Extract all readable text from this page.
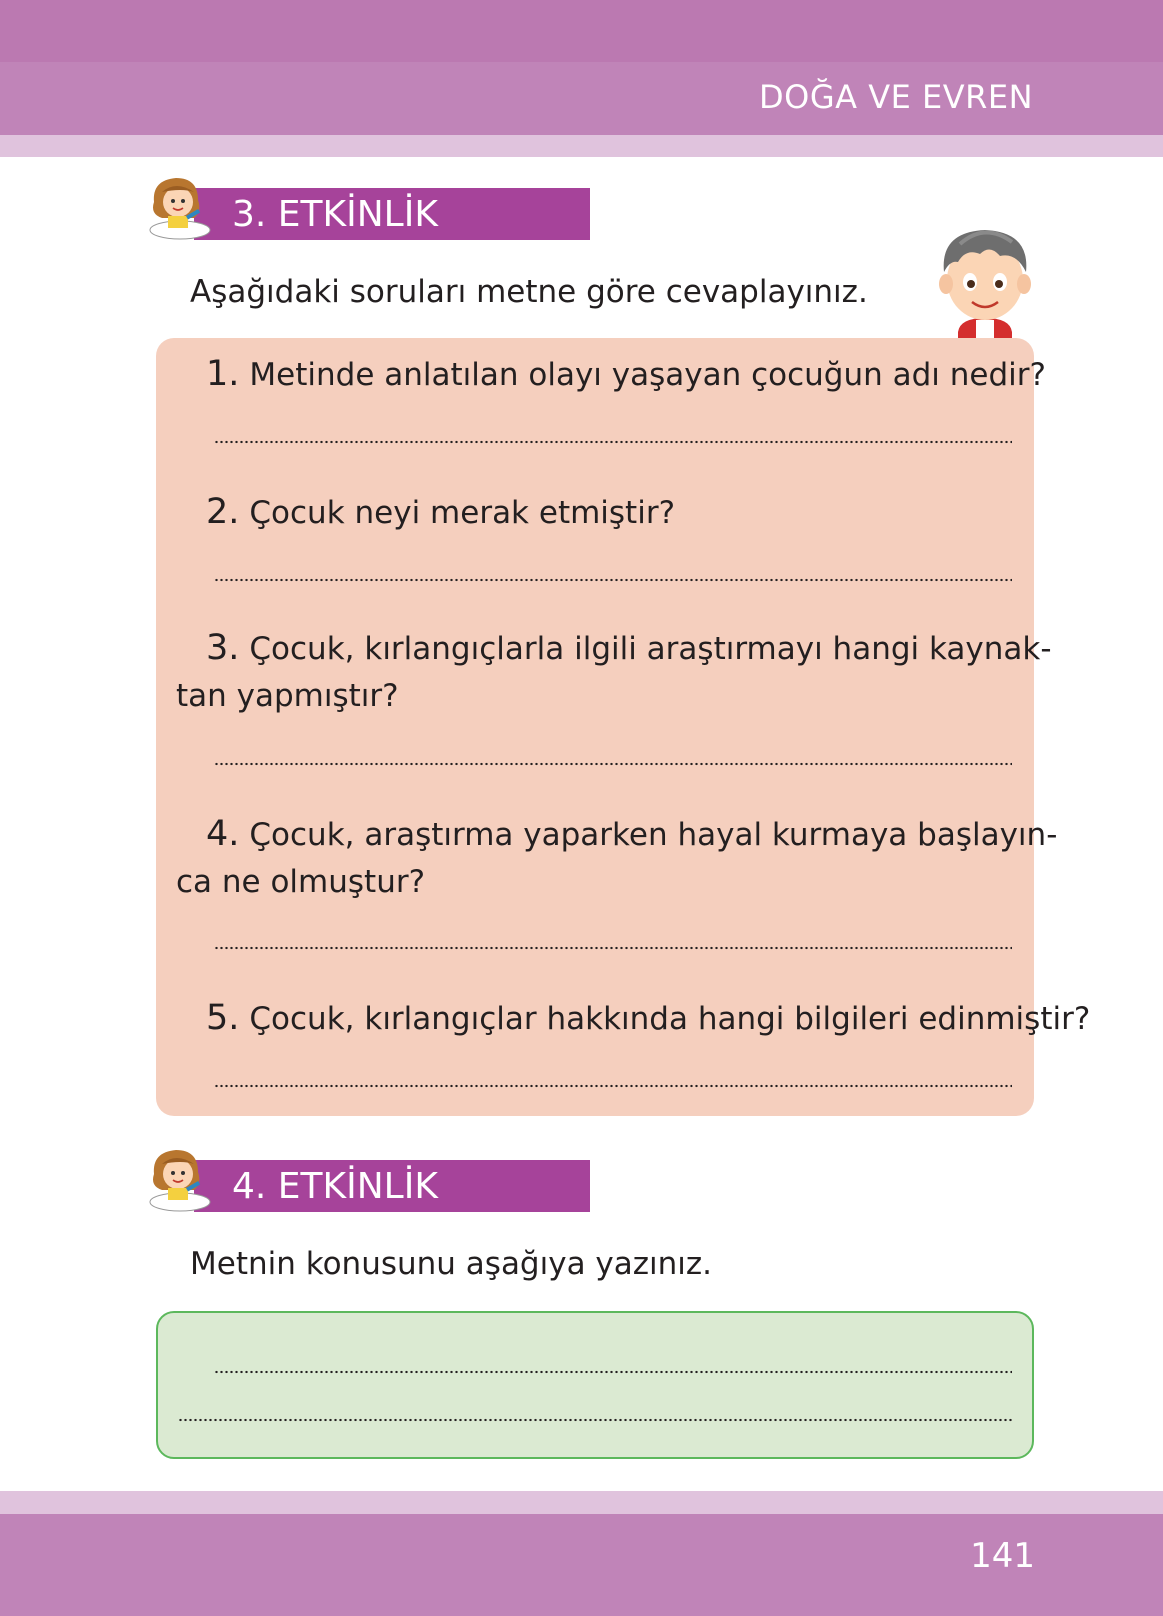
DOĞA VE EVREN
3. ETKİNLİK
Aşağıdaki soruları metne göre cevaplayınız.
1. Metinde anlatılan olayı yaşayan çocuğun adı nedir?
2. Çocuk neyi merak etmiştir?
3. Çocuk, kırlangıçlarla ilgili araştırmayı hangi kaynak-
tan yapmıştır?
4. Çocuk, araştırma yaparken hayal kurmaya başlayın-
ca ne olmuştur?
5. Çocuk, kırlangıçlar hakkında hangi bilgileri edinmiştir?
4. ETKİNLİK
Metnin konusunu aşağıya yazınız.
141
